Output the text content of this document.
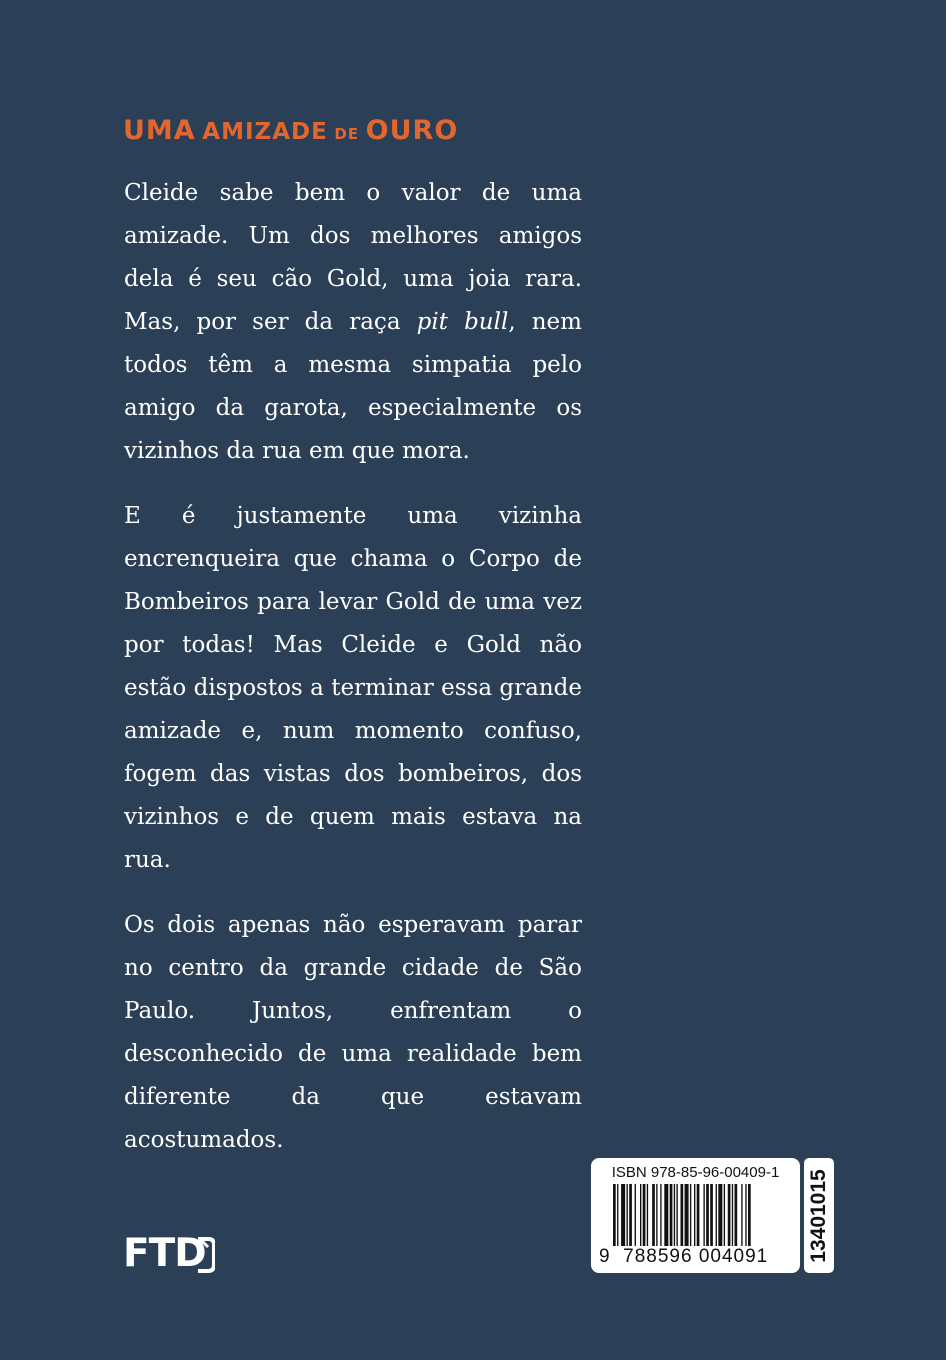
UMA AMIZADE DE OURO

Cleide sabe bem o valor de uma amizade. Um dos melhores amigos dela é seu cão Gold, uma joia rara. Mas, por ser da raça pit bull, nem todos têm a mesma simpatia pelo amigo da garota, especialmente os vizinhos da rua em que mora.

E é justamente uma vizinha encrenqueira que chama o Corpo de Bombeiros para levar Gold de uma vez por todas! Mas Cleide e Gold não estão dispostos a terminar essa grande amizade e, num momento confuso, fogem das vistas dos bombeiros, dos vizinhos e de quem mais estava na rua.

Os dois apenas não esperavam parar no centro da grande cidade de São Paulo. Juntos, enfrentam o desconhecido de uma realidade bem diferente da que estavam acostumados.

FTD
ISBN 978-85-96-00409-1
9 788596 004091	13401015
